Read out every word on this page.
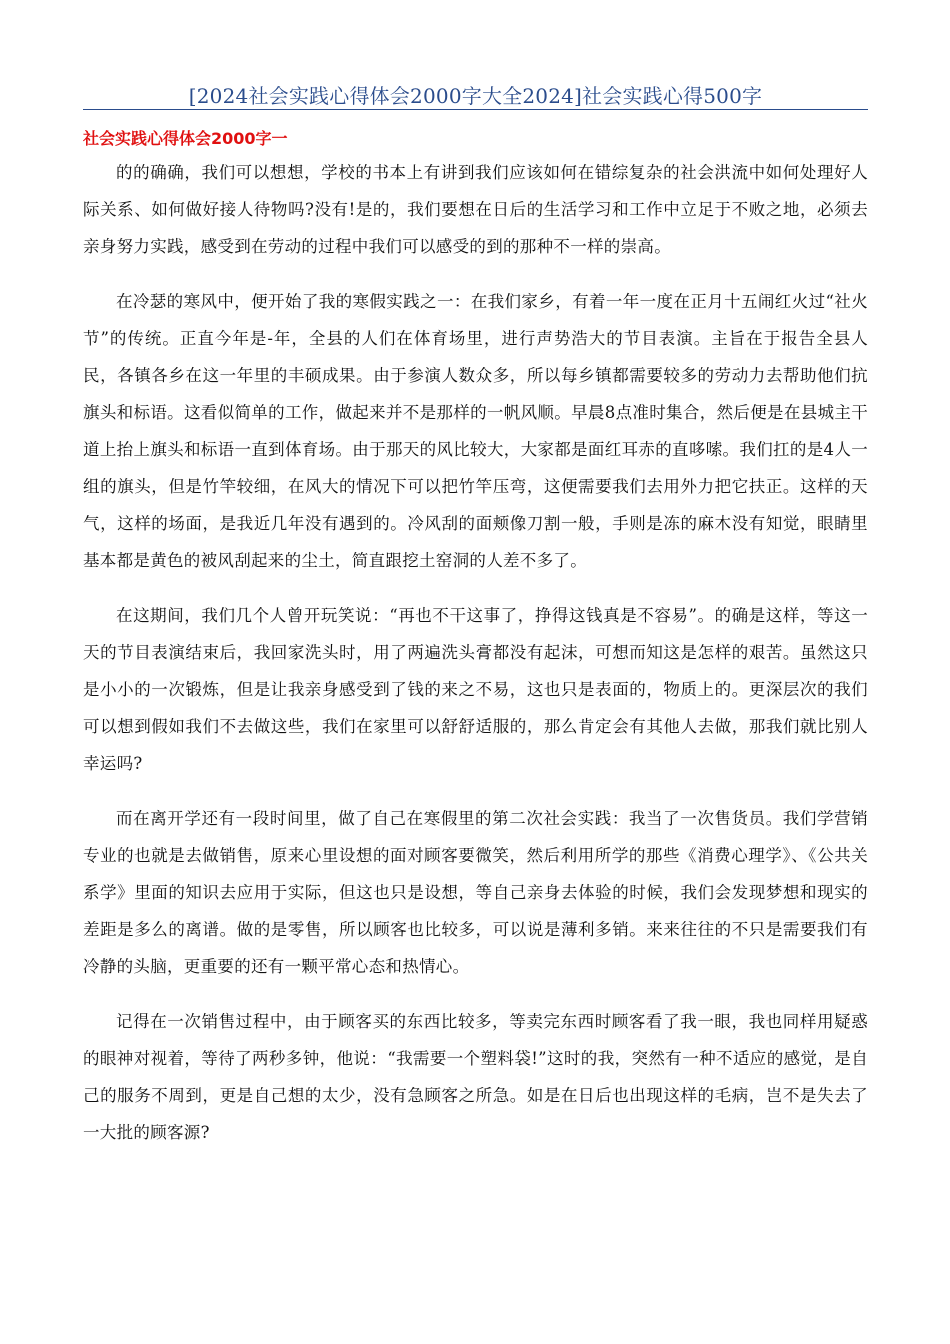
[2024社会实践心得体会2000字大全2024]社会实践心得500字
社会实践心得体会2000字一

的的确确，我们可以想想，学校的书本上有讲到我们应该如何在错综复杂的社会洪流中如何处理好人际关系、如何做好接人待物吗?没有!是的，我们要想在日后的生活学习和工作中立足于不败之地，必须去亲身努力实践，感受到在劳动的过程中我们可以感受的到的那种不一样的崇高。

在冷瑟的寒风中，便开始了我的寒假实践之一：在我们家乡，有着一年一度在正月十五闹红火过“社火节”的传统。正直今年是-年，全县的人们在体育场里，进行声势浩大的节目表演。主旨在于报告全县人民，各镇各乡在这一年里的丰硕成果。由于参演人数众多，所以每乡镇都需要较多的劳动力去帮助他们抗旗头和标语。这看似简单的工作，做起来并不是那样的一帆风顺。早晨8点准时集合，然后便是在县城主干道上抬上旗头和标语一直到体育场。由于那天的风比较大，大家都是面红耳赤的直哆嗦。我们扛的是4人一组的旗头，但是竹竿较细，在风大的情况下可以把竹竿压弯，这便需要我们去用外力把它扶正。这样的天气，这样的场面，是我近几年没有遇到的。冷风刮的面颊像刀割一般，手则是冻的麻木没有知觉，眼睛里基本都是黄色的被风刮起来的尘土，简直跟挖土窑洞的人差不多了。

在这期间，我们几个人曾开玩笑说：“再也不干这事了，挣得这钱真是不容易”。的确是这样，等这一天的节目表演结束后，我回家洗头时，用了两遍洗头膏都没有起沫，可想而知这是怎样的艰苦。虽然这只是小小的一次锻炼，但是让我亲身感受到了钱的来之不易，这也只是表面的，物质上的。更深层次的我们可以想到假如我们不去做这些，我们在家里可以舒舒适服的，那么肯定会有其他人去做，那我们就比别人幸运吗?

而在离开学还有一段时间里，做了自己在寒假里的第二次社会实践：我当了一次售货员。我们学营销专业的也就是去做销售，原来心里设想的面对顾客要微笑，然后利用所学的那些《消费心理学》、《公共关系学》里面的知识去应用于实际，但这也只是设想，等自己亲身去体验的时候，我们会发现梦想和现实的差距是多么的离谱。做的是零售，所以顾客也比较多，可以说是薄利多销。来来往往的不只是需要我们有冷静的头脑，更重要的还有一颗平常心态和热情心。

记得在一次销售过程中，由于顾客买的东西比较多，等卖完东西时顾客看了我一眼，我也同样用疑惑的眼神对视着，等待了两秒多钟，他说：“我需要一个塑料袋!”这时的我，突然有一种不适应的感觉，是自己的服务不周到，更是自己想的太少，没有急顾客之所急。如是在日后也出现这样的毛病，岂不是失去了一大批的顾客源?
